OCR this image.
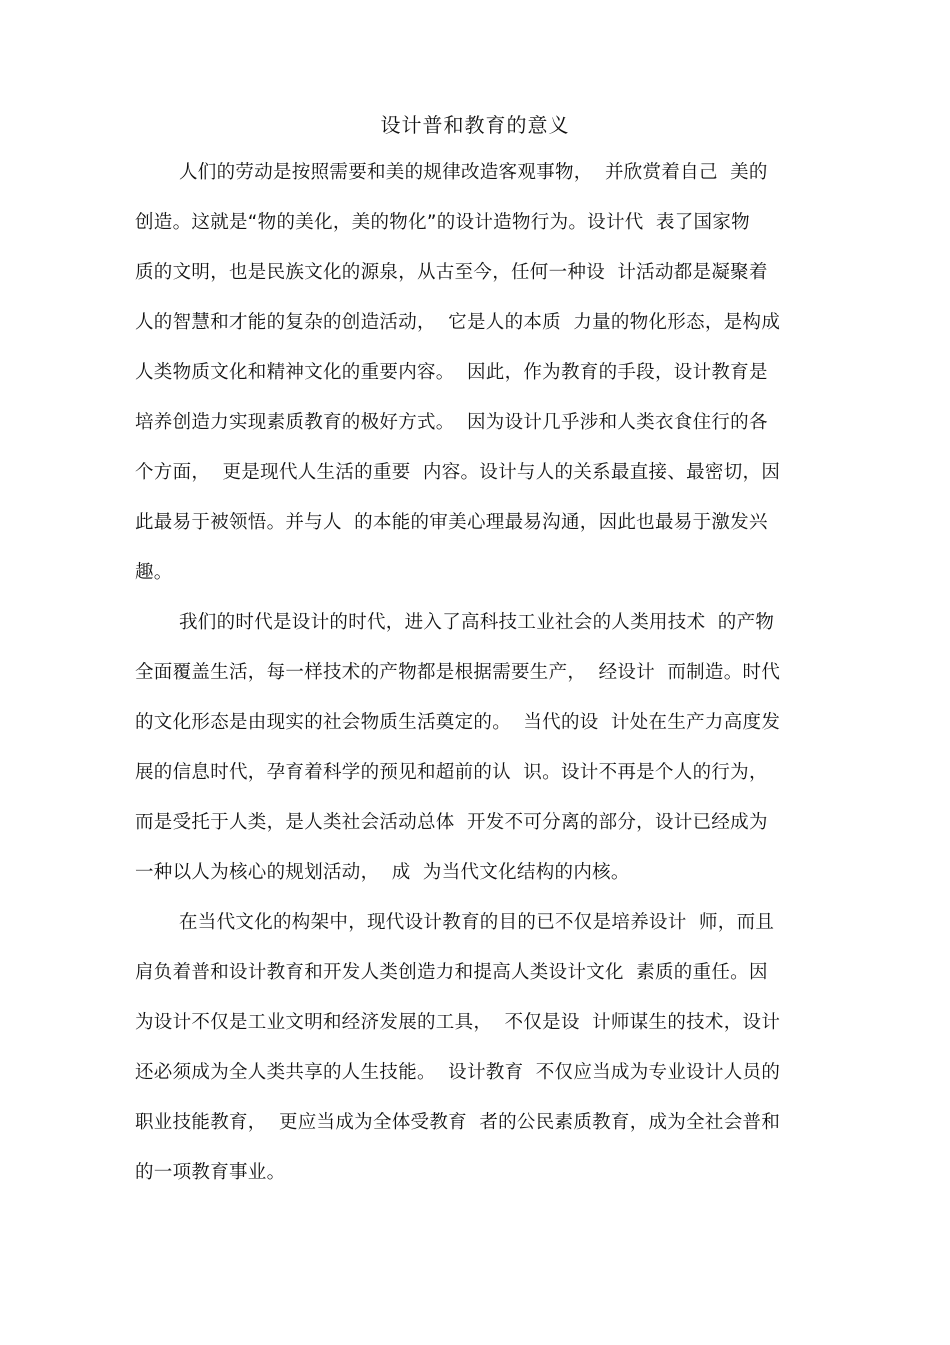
设计普和教育的意义
人们的劳动是按照需要和美的规律改造客观事物，  并欣赏着自己  美的
创造。这就是“物的美化，美的物化”的设计造物行为。设计代  表了国家物
质的文明，也是民族文化的源泉，从古至今，任何一种设  计活动都是凝聚着
人的智慧和才能的复杂的创造活动，  它是人的本质  力量的物化形态，是构成
人类物质文化和精神文化的重要内容。  因此，作为教育的手段，设计教育是
培养创造力实现素质教育的极好方式。  因为设计几乎涉和人类衣食住行的各
个方面，  更是现代人生活的重要  内容。设计与人的关系最直接、最密切，因
此最易于被领悟。并与人  的本能的审美心理最易沟通，因此也最易于激发兴
趣。
我们的时代是设计的时代，进入了高科技工业社会的人类用技术  的产物
全面覆盖生活，每一样技术的产物都是根据需要生产，  经设计  而制造。时代
的文化形态是由现实的社会物质生活奠定的。  当代的设  计处在生产力高度发
展的信息时代，孕育着科学的预见和超前的认  识。设计不再是个人的行为，
而是受托于人类，是人类社会活动总体  开发不可分离的部分，设计已经成为
一种以人为核心的规划活动，  成  为当代文化结构的内核。
在当代文化的构架中，现代设计教育的目的已不仅是培养设计  师，而且
肩负着普和设计教育和开发人类创造力和提高人类设计文化  素质的重任。因
为设计不仅是工业文明和经济发展的工具，  不仅是设  计师谋生的技术，设计
还必须成为全人类共享的人生技能。  设计教育  不仅应当成为专业设计人员的
职业技能教育，  更应当成为全体受教育  者的公民素质教育，成为全社会普和
的一项教育事业。
